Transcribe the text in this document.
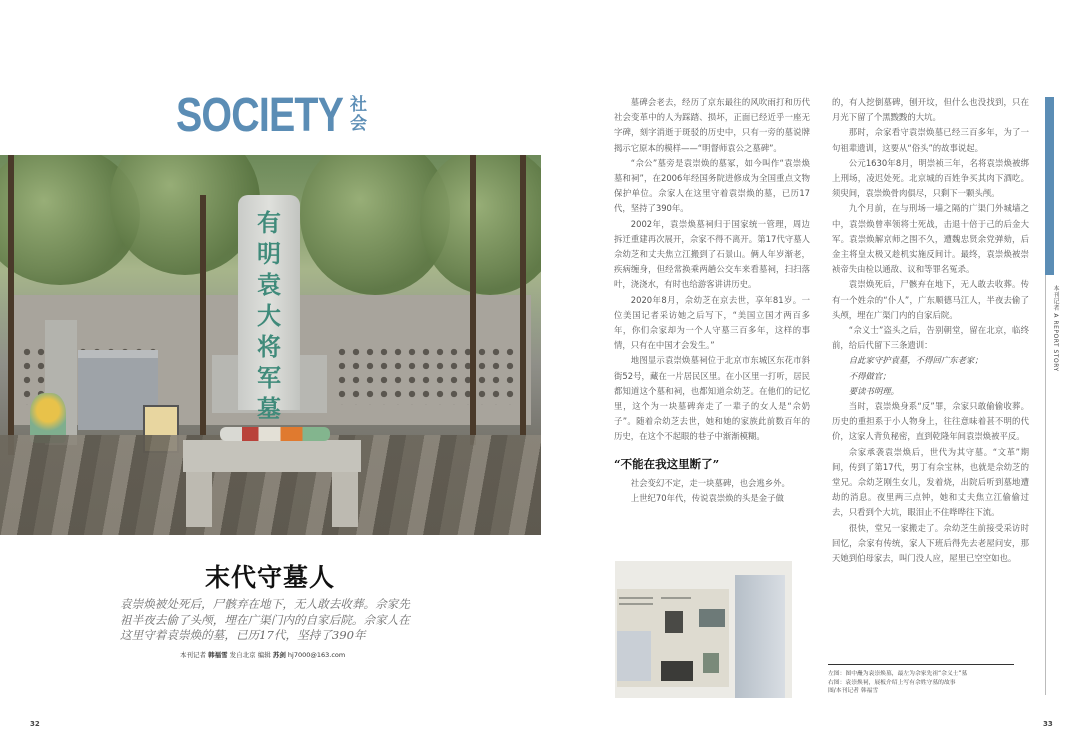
SOCIETY 社
会
有明袁大将军墓
末代守墓人
袁崇焕被处死后，尸骸弃在地下，无人敢去收葬。佘家先祖半夜去偷了头颅，埋在广渠门内的自家后院。佘家人在这里守着袁崇焕的墓，已历17代，坚持了390年
本刊记者 韩福雪 发自北京 编辑 苏剑 hj7000@163.com
32

墓碑会老去，经历了京东最往的风吹雨打和历代社会变革中的人为踩踏、损坏，正面已经近乎一座无字碑，刻字消逝于斑驳的历史中，只有一旁的墓说牌揭示它原本的模样——“明督师袁公之墓碑”。

“佘公”墓旁是袁崇焕的墓冢，如今叫作“袁崇焕墓和祠”，在2006年经国务院进修成为全国重点文物保护单位。佘家人在这里守着袁崇焕的墓，已历17代，坚持了390年。

2002年，袁崇焕墓祠归于国家统一管理，周边拆迁重建再次展开，佘家不得不离开。第17代守墓人佘幼芝和丈夫焦立江搬到了石景山。俩人年岁渐老，疾病缠身，但经常换乘两趟公交车来看墓祠，扫扫落叶，浇浇水，有时也给游客讲讲历史。

2020年8月，佘幼芝在京去世，享年81岁。一位美国记者采访她之后写下，“美国立国才两百多年，你们佘家却为一个人守墓三百多年，这样的事情，只有在中国才会发生。”

地图显示袁崇焕墓祠位于北京市东城区东花市斜街52号，藏在一片居民区里。在小区里一打听，居民都知道这个墓和祠，也都知道佘幼芝。在他们的记忆里，这个为一块墓碑奔走了一辈子的女人是“佘奶子”。随着佘幼芝去世，她和她的家族此前数百年的历史，在这个不起眼的巷子中渐渐模糊。

“不能在我这里断了”

社会变幻不定，走一块墓碑，也会逃乡外。

上世纪70年代，传说袁崇焕的头是金子做

的，有人挖倒墓碑，刨开坟，但什么也没找到，只在月光下留了个黑黢黢的大坑。

那时，佘家看守袁崇焕墓已经三百多年，为了一句祖辈遗训，这要从“俗头”的故事说起。

公元1630年8月，明崇祯三年，名将袁崇焕被绑上刑场，凌迟处死。北京城的百姓争买其肉下酒吃。须臾间，袁崇焕骨肉俱尽，只剩下一颗头颅。

九个月前，在与刑场一墙之隔的广渠门外城墙之中，袁崇焕曾率领将士死战，击退十倍于己的后金大军。袁崇焕解京师之围不久，遭魏忠贤余党弹劾，后金主将皇太极又趁机实施反间计。最终，袁崇焕被崇祯帝失由检以通敌、议和等罪名冤杀。

袁崇焕死后，尸骸弃在地下，无人敢去收葬。传有一个姓佘的“仆人”，广东顺德马江人，半夜去偷了头颅，埋在广渠门内的自家后院。

“佘义士”盗头之后，告别朝堂，留在北京，临终前，给后代留下三条遗训：

自此家守护袁墓，不得回广东老家；

不得做官；

要读书明理。

当时，袁崇焕身系“反”罪，佘家只敢偷偷收葬。历史的重担系于小人物身上，往往意味着甚不明的代价，这家人背负秘密，直到乾隆年间袁崇焕被平反。

佘家承袭袁崇焕后，世代为其守墓。“文革”期间，传到了第17代，男丁有佘宝林，也就是佘幼芝的堂兄。佘幼芝刚生女儿，发着烧，出院后听到墓地遭劫的消息。夜里两三点钟，她和丈夫焦立江偷偷过去，只看到个大坑，眼泪止不住哗哗往下流。

很快，堂兄一家搬走了。佘幼芝生前接受采访时回忆，佘家有传统，家人下班后得先去老屋问安，那天她到伯母家去，叫门没人应，屋里已空空如也。

左图：图中矗为袁崇焕墓，最左为佘家先祖“佘义士”墓
右图：袁崇焕祠，展板介绍上写有佘姓守墓的故事
图/本刊记者 韩福雪
本刊记者 A REPORT STORY
33
